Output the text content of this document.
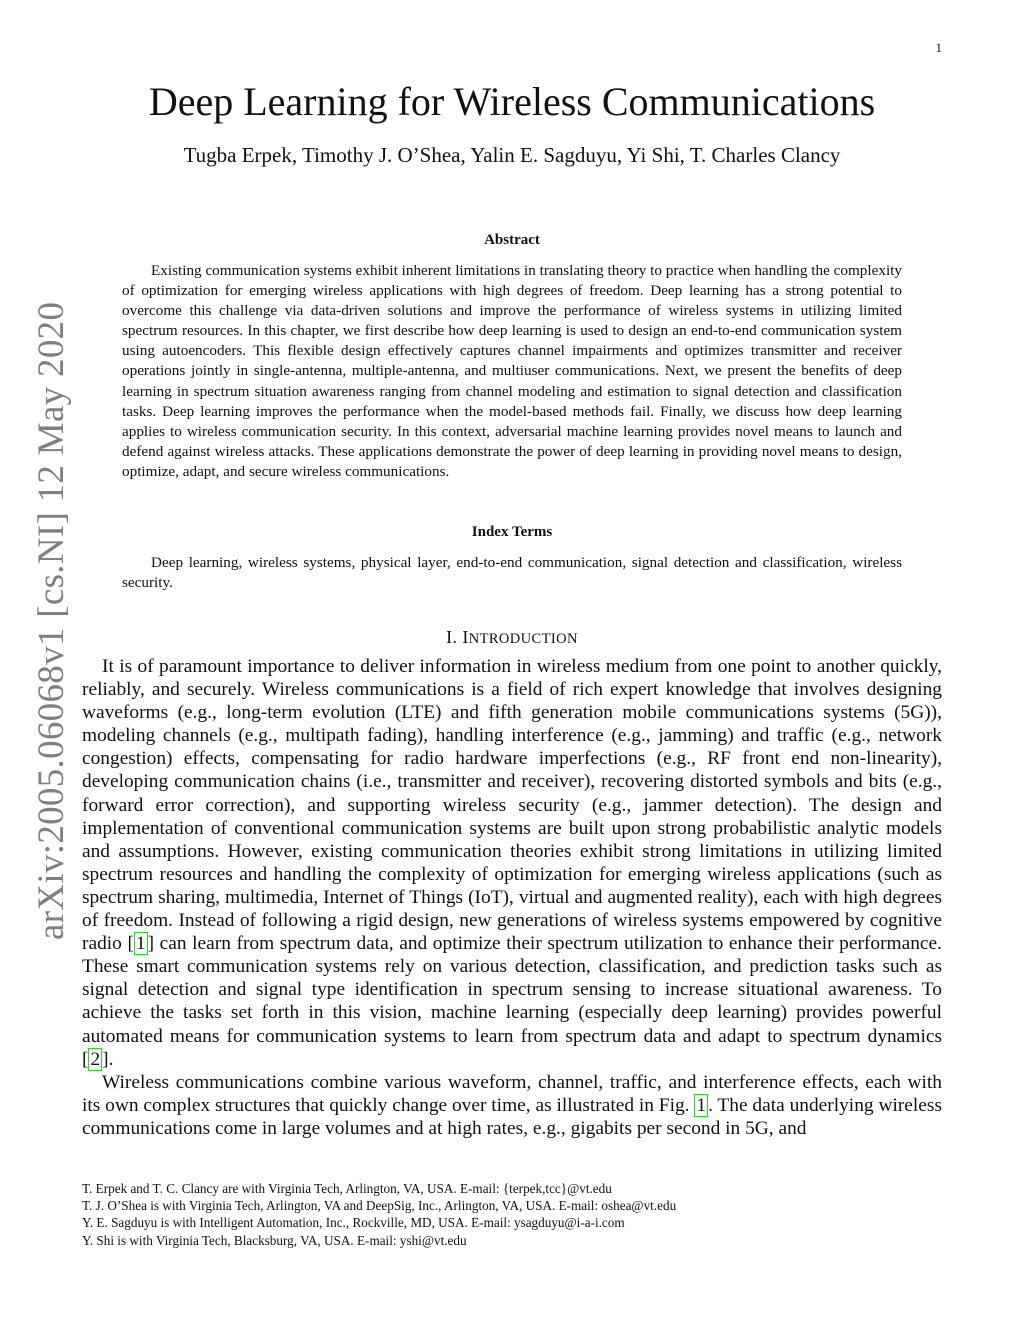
1
arXiv:2005.06068v1 [cs.NI] 12 May 2020
Deep Learning for Wireless Communications
Tugba Erpek, Timothy J. O’Shea, Yalin E. Sagduyu, Yi Shi, T. Charles Clancy
Abstract

Existing communication systems exhibit inherent limitations in translating theory to practice when handling the complexity of optimization for emerging wireless applications with high degrees of freedom. Deep learning has a strong potential to overcome this challenge via data-driven solutions and improve the performance of wireless systems in utilizing limited spectrum resources. In this chapter, we first describe how deep learning is used to design an end-to-end communication system using autoencoders. This flexible design effectively captures channel impairments and optimizes transmitter and receiver operations jointly in single-antenna, multiple-antenna, and multiuser communications. Next, we present the benefits of deep learning in spectrum situation awareness ranging from channel modeling and estimation to signal detection and classification tasks. Deep learning improves the performance when the model-based methods fail. Finally, we discuss how deep learning applies to wireless communication security. In this context, adversarial machine learning provides novel means to launch and defend against wireless attacks. These applications demonstrate the power of deep learning in providing novel means to design, optimize, adapt, and secure wireless communications.

Index Terms

Deep learning, wireless systems, physical layer, end-to-end communication, signal detection and classification, wireless security.

I. INTRODUCTION

It is of paramount importance to deliver information in wireless medium from one point to another quickly, reliably, and securely. Wireless communications is a field of rich expert knowledge that involves designing waveforms (e.g., long-term evolution (LTE) and fifth generation mobile communications systems (5G)), modeling channels (e.g., multipath fading), handling interference (e.g., jamming) and traffic (e.g., network congestion) effects, compensating for radio hardware imperfections (e.g., RF front end non-linearity), developing communication chains (i.e., transmitter and receiver), recovering distorted symbols and bits (e.g., forward error correction), and supporting wireless security (e.g., jammer detection). The design and implementation of conventional communication systems are built upon strong probabilistic analytic models and assumptions. However, existing communication theories exhibit strong limitations in utilizing limited spectrum resources and handling the complexity of optimization for emerging wireless applications (such as spectrum sharing, multimedia, Internet of Things (IoT), virtual and augmented reality), each with high degrees of freedom. Instead of following a rigid design, new generations of wireless systems empowered by cognitive radio [ 1 ] can learn from spectrum data, and optimize their spectrum utilization to enhance their performance. These smart communication systems rely on various detection, classification, and prediction tasks such as signal detection and signal type identification in spectrum sensing to increase situational awareness. To achieve the tasks set forth in this vision, machine learning (especially deep learning) provides powerful automated means for communication systems to learn from spectrum data and adapt to spectrum dynamics [ 2 ].

Wireless communications combine various waveform, channel, traffic, and interference effects, each with its own complex structures that quickly change over time, as illustrated in Fig. 1 . The data underlying wireless communications come in large volumes and at high rates, e.g., gigabits per second in 5G, and

T. Erpek and T. C. Clancy are with Virginia Tech, Arlington, VA, USA. E-mail: {terpek,tcc}@vt.edu
T. J. O’Shea is with Virginia Tech, Arlington, VA and DeepSig, Inc., Arlington, VA, USA. E-mail: oshea@vt.edu
Y. E. Sagduyu is with Intelligent Automation, Inc., Rockville, MD, USA. E-mail: ysagduyu@i-a-i.com
Y. Shi is with Virginia Tech, Blacksburg, VA, USA. E-mail: yshi@vt.edu
